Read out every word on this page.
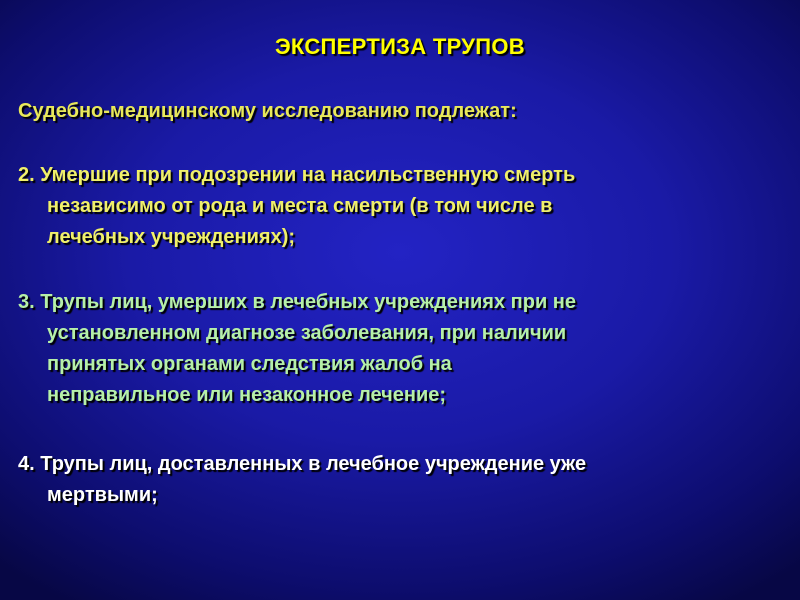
ЭКСПЕРТИЗА ТРУПОВ
Судебно-медицинскому исследованию подлежат:
2. Умершие при подозрении на насильственную смерть
независимо от рода и места смерти (в том числе в
лечебных учреждениях);
3. Трупы лиц, умерших в лечебных учреждениях при не
установленном диагнозе заболевания, при наличии
принятых органами следствия жалоб на
неправильное или незаконное лечение;
4. Трупы лиц, доставленных в лечебное учреждение уже
мертвыми;
